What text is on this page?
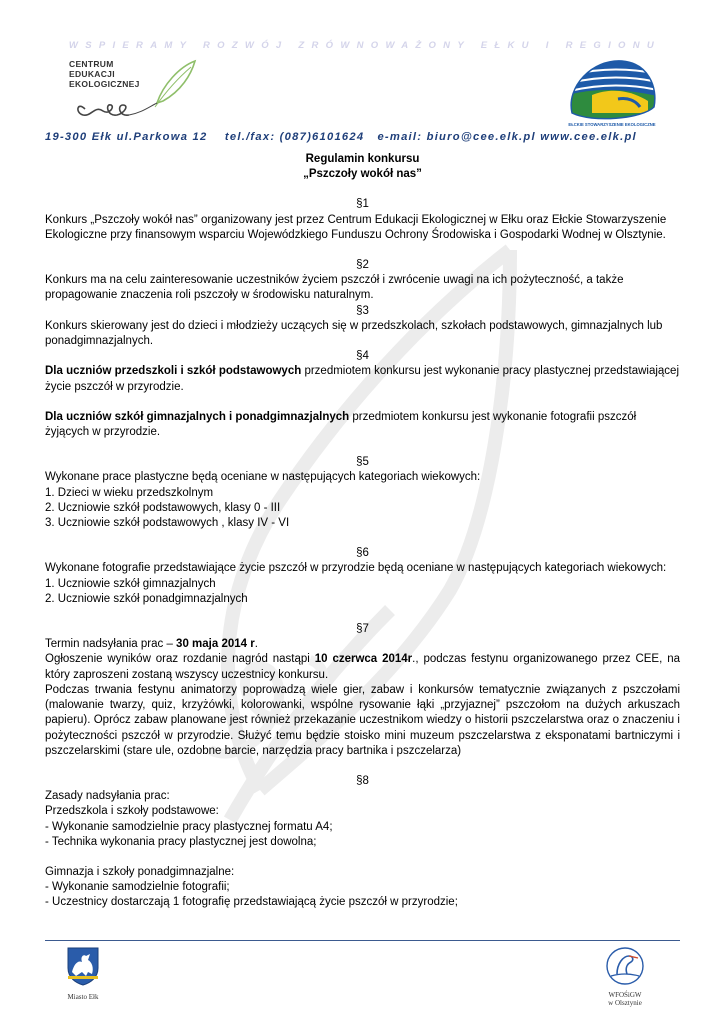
WSPIERAMY ROZWÓJ ZRÓWNOWAŻONY EŁKU I REGIONU
CENTRUM
EDUKACJI
EKOLOGICZNEJ
EŁCKIE STOWARZYSZENIE EKOLOGICZNE
19-300 Ełk ul.Parkowa 12 tel./fax: (087)6101624 e-mail: biuro@cee.elk.pl www.cee.elk.pl

Regulamin konkursu

„Pszczoły wokół nas”

§1

Konkurs „Pszczoły wokół nas” organizowany jest przez Centrum Edukacji Ekologicznej w Ełku oraz Ełckie Stowarzyszenie Ekologiczne przy finansowym wsparciu Wojewódzkiego Funduszu Ochrony Środowiska i Gospodarki Wodnej w Olsztynie.

§2

Konkurs ma na celu zainteresowanie uczestników życiem pszczół i zwrócenie uwagi na ich pożyteczność, a także propagowanie znaczenia roli pszczoły w środowisku naturalnym.

§3

Konkurs skierowany jest do dzieci i młodzieży uczących się w przedszkolach, szkołach podstawowych, gimnazjalnych lub ponadgimnazjalnych.

§4

Dla uczniów przedszkoli i szkół podstawowych przedmiotem konkursu jest wykonanie pracy plastycznej przedstawiającej życie pszczół w przyrodzie.

Dla uczniów szkół gimnazjalnych i ponadgimnazjalnych przedmiotem konkursu jest wykonanie fotografii pszczół żyjących w przyrodzie.

§5

Wykonane prace plastyczne będą oceniane w następujących kategoriach wiekowych:

1. Dzieci w wieku przedszkolnym

2. Uczniowie szkół podstawowych, klasy 0 - III

3. Uczniowie szkół podstawowych , klasy IV - VI

§6

Wykonane fotografie przedstawiające życie pszczół w przyrodzie będą oceniane w następujących kategoriach wiekowych:

1. Uczniowie szkół gimnazjalnych

2. Uczniowie szkół ponadgimnazjalnych

§7

Termin nadsyłania prac – 30 maja 2014 r.

Ogłoszenie wyników oraz rozdanie nagród nastąpi 10 czerwca 2014r., podczas festynu organizowanego przez CEE, na który zaproszeni zostaną wszyscy uczestnicy konkursu.

Podczas trwania festynu animatorzy poprowadzą wiele gier, zabaw i konkursów tematycznie związanych z pszczołami (malowanie twarzy, quiz, krzyżówki, kolorowanki, wspólne rysowanie łąki „przyjaznej” pszczołom na dużych arkuszach papieru). Oprócz zabaw planowane jest również przekazanie uczestnikom wiedzy o historii pszczelarstwa oraz o znaczeniu i pożyteczności pszczół w przyrodzie. Służyć temu będzie stoisko mini muzeum pszczelarstwa z eksponatami bartniczymi i pszczelarskimi (stare ule, ozdobne barcie, narzędzia pracy bartnika i pszczelarza)

§8

Zasady nadsyłania prac:

Przedszkola i szkoły podstawowe:

- Wykonanie samodzielnie pracy plastycznej formatu A4;

- Technika wykonania pracy plastycznej jest dowolna;

Gimnazja i szkoły ponadgimnazjalne:

- Wykonanie samodzielnie fotografii;

- Uczestnicy dostarczają 1 fotografię przedstawiającą życie pszczół w przyrodzie;

Miasto Ełk	WFOŚiGW
w Olsztynie
